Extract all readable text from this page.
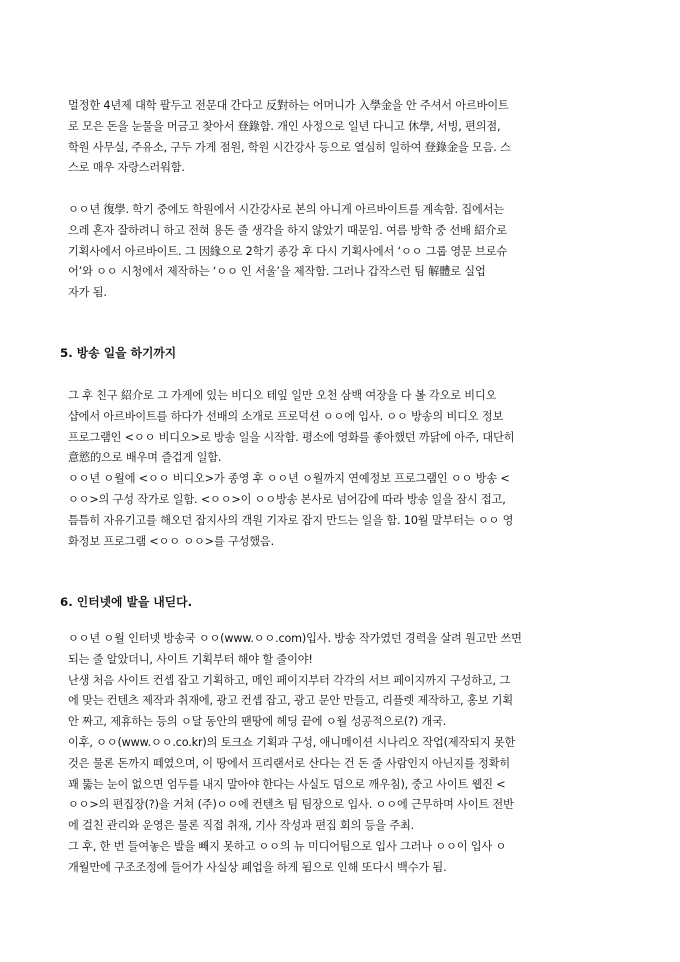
멀정한 4년제 대학 팔두고 전문대 간다고 反對하는 어머니가 入學金을 안 주셔서 아르바이트
로 모은 돈을 눈물을 머금고 찾아서 登錄함. 개인 사정으로 일년 다니고 休學, 서빙, 편의점,
학원 사무실, 주유소, 구두 가게 점원, 학원 시간강사 등으로 열심히 일하여 登錄金을 모음. 스
스로 매우 자랑스러워함.
ㅇㅇ년 復學. 학기 중에도 학원에서 시간강사로 본의 아니게 아르바이트를 계속함. 집에서는
으레 혼자 잘하려니 하고 전혀 용돈 줄 생각을 하지 않았기 때문임. 여름 방학 중 선배 紹介로
기획사에서 아르바이트. 그 因緣으로 2학기 종강 후 다시 기획사에서 ‘ㅇㅇ 그룹 영문 브로슈
어’와 ㅇㅇ 시청에서 제작하는 ‘ㅇㅇ 인 서울’을 제작함. 그러나 갑작스런 팀 解體로 실업
자가 됨.
5. 방송 일을 하기까지
그 후 친구 紹介로 그 가게에 있는 비디오 테잎 일만 오천 삼백 여장을 다 볼 각오로 비디오
샵에서 아르바이트를 하다가 선배의 소개로 프로덕션 ㅇㅇ에 입사. ㅇㅇ 방송의 비디오 정보
프로그램인 <ㅇㅇ 비디오>로 방송 일을 시작함. 평소에 영화를 좋아했던 까닭에 아주, 대단히
意慾的으로 배우며 즐겁게 일함.
ㅇㅇ년 ㅇ월에 <ㅇㅇ 비디오>가 종영 후 ㅇㅇ년 ㅇ월까지 연예정보 프로그램인 ㅇㅇ 방송 <
ㅇㅇ>의 구성 작가로 일함. <ㅇㅇ>이 ㅇㅇ방송 본사로 넘어감에 따라 방송 일을 잠시 접고,
틈틈히 자유기고를 해오던 잡지사의 객원 기자로 잡지 만드는 일을 함. 10월 말부터는 ㅇㅇ 영
화정보 프로그램 <ㅇㅇ ㅇㅇ>를 구성했음.
6. 인터넷에 발을 내딛다.
ㅇㅇ년 ㅇ월 인터넷 방송국 ㅇㅇ(www.ㅇㅇ.com)입사. 방송 작가였던 경력을 살려 원고만 쓰면
되는 줄 알았더니, 사이트 기획부터 해야 할 줄이야!
난생 처음 사이트 컨셉 잡고 기획하고, 메인 페이지부터 각각의 서브 페이지까지 구성하고, 그
에 맞는 컨텐츠 제작과 취재에, 광고 컨셉 잡고, 광고 문안 만들고, 리플렛 제작하고, 홍보 기획
안 짜고, 제휴하는 등의 ㅇ달 동안의 팬땅에 헤딩 끝에 ㅇ월 성공적으로(?) 개국.
이후, ㅇㅇ(www.ㅇㅇ.co.kr)의 토크쇼 기획과 구성, 애니메이션 시나리오 작업(제작되지 못한
것은 물론 돈까지 떼였으며, 이 땅에서 프리랜서로 산다는 건 돈 줄 사람인지 아닌지를 정확히
꽤 뚫는 눈이 없으면 엄두를 내지 말아야 한다는 사실도 덤으로 깨우침), 중고 사이트 웹진 <
ㅇㅇ>의 편집장(?)을 거쳐 (주)ㅇㅇ에 컨텐츠 팀 팀장으로 입사. ㅇㅇ에 근무하며 사이트 전반
에 걸친 관리와 운영은 물론 직접 취재, 기사 작성과 편집 회의 등을 주최.
그 후, 한 번 들여놓은 발을 빼지 못하고 ㅇㅇ의 뉴 미디어팀으로 입사 그러나 ㅇㅇ이 입사 ㅇ
개월만에 구조조정에 들어가 사실상 폐업을 하게 됨으로 인해 또다시 백수가 됨.
